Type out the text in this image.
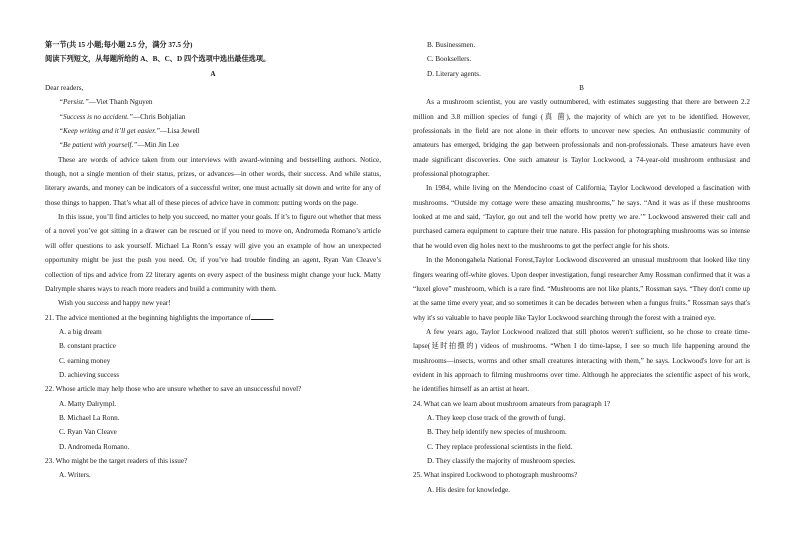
第一节(共 15 小题;每小题 2.5 分，满分 37.5 分)

阅读下列短文，从每题所给的 A、B、C、D 四个选项中选出最佳选项。

A

Dear readers,

“Persist.”—Viet Thanh Nguyen

“Success is no accident.”—Chris Bohjalian

“Keep writing and it’ll get easier.”—Lisa Jewell

“Be patient with yourself.”—Min Jin Lee

These are words of advice taken from our interviews with award-winning and bestselling authors. Notice, though, not a single mention of their status, prizes, or advances—in other words, their success. And while status, literary awards, and money can be indicators of a successful writer, one must actually sit down and write for any of those things to happen. That’s what all of these pieces of advice have in common: putting words on the page.

In this issue, you’ll find articles to help you succeed, no matter your goals. If it’s to figure out whether that mess of a novel you’ve got sitting in a drawer can be rescued or if you need to move on, Andromeda Romano’s article will offer questions to ask yourself. Michael La Ronn’s essay will give you an example of how an unexpected opportunity might be just the push you need. Or, if you’ve had trouble finding an agent, Ryan Van Cleave’s collection of tips and advice from 22 literary agents on every aspect of the business might change your luck. Matty Dalrymple shares ways to reach more readers and build a community with them.

Wish you success and happy new year!

21. The advice mentioned at the beginning highlights the importance of	.

A. a big dream

B. constant practice

C. earning money

D. achieving success

22. Whose article may help those who are unsure whether to save an unsuccessful novel?

A. Matty Dalrympl.

B. Michael La Ronn.

C. Ryan Van Cleave

D. Andromeda Romano.

23. Who might be the target readers of this issue?

A. Writers.

B. Businessmen.

C. Booksellers.

D. Literary agents.

B

As a mushroom scientist, you are vastly outnumbered, with estimates suggesting that there are between 2.2 million and 3.8 million species of fungi (真 菌), the majority of which are yet to be identified. However, professionals in the field are not alone in their efforts to uncover new species. An enthusiastic community of amateurs has emerged, bridging the gap between professionals and non-professionals. These amateurs have even made significant discoveries. One such amateur is Taylor Lockwood, a 74-year-old mushroom enthusiast and professional photographer.

In 1984, while living on the Mendocino coast of California, Taylor Lockwood developed a fascination with mushrooms. “Outside my cottage were these amazing mushrooms,” he says. “And it was as if these mushrooms looked at me and said, ‘Taylor, go out and tell the world how pretty we are.’” Lockwood answered their call and purchased camera equipment to capture their true nature. His passion for photographing mushrooms was so intense that he would even dig holes next to the mushrooms to get the perfect angle for his shots.

In the Monongahela National Forest,Taylor Lockwood discovered an unusual mushroom that looked like tiny fingers wearing off-white gloves. Upon deeper investigation, fungi researcher Amy Rossman confirmed that it was a “luxel glove” mushroom, which is a rare find. “Mushrooms are not like plants,” Rossman says. “They don't come up at the same time every year, and so sometimes it can be decades between when a fungus fruits.” Rossman says that's why it's so valuable to have people like Taylor Lockwood searching through the forest with a trained eye.

A few years ago, Taylor Lockwood realized that still photos weren't sufficient, so he chose to create time-lapse(延时拍摄的) videos of mushrooms. “When I do time-lapse, I see so much life happening around the mushrooms—insects, worms and other small creatures interacting with them,” he says. Lockwood's love for art is evident in his approach to filming mushrooms over time. Although he appreciates the scientific aspect of his work, he identifies himself as an artist at heart.

24. What can we learn about mushroom amateurs from paragraph 1?

A. They keep close track of the growth of fungi.

B. They help identify new species of mushroom.

C. They replace professional scientists in the field.

D. They classify the majority of mushroom species.

25. What inspired Lockwood to photograph mushrooms?

A. His desire for knowledge.
